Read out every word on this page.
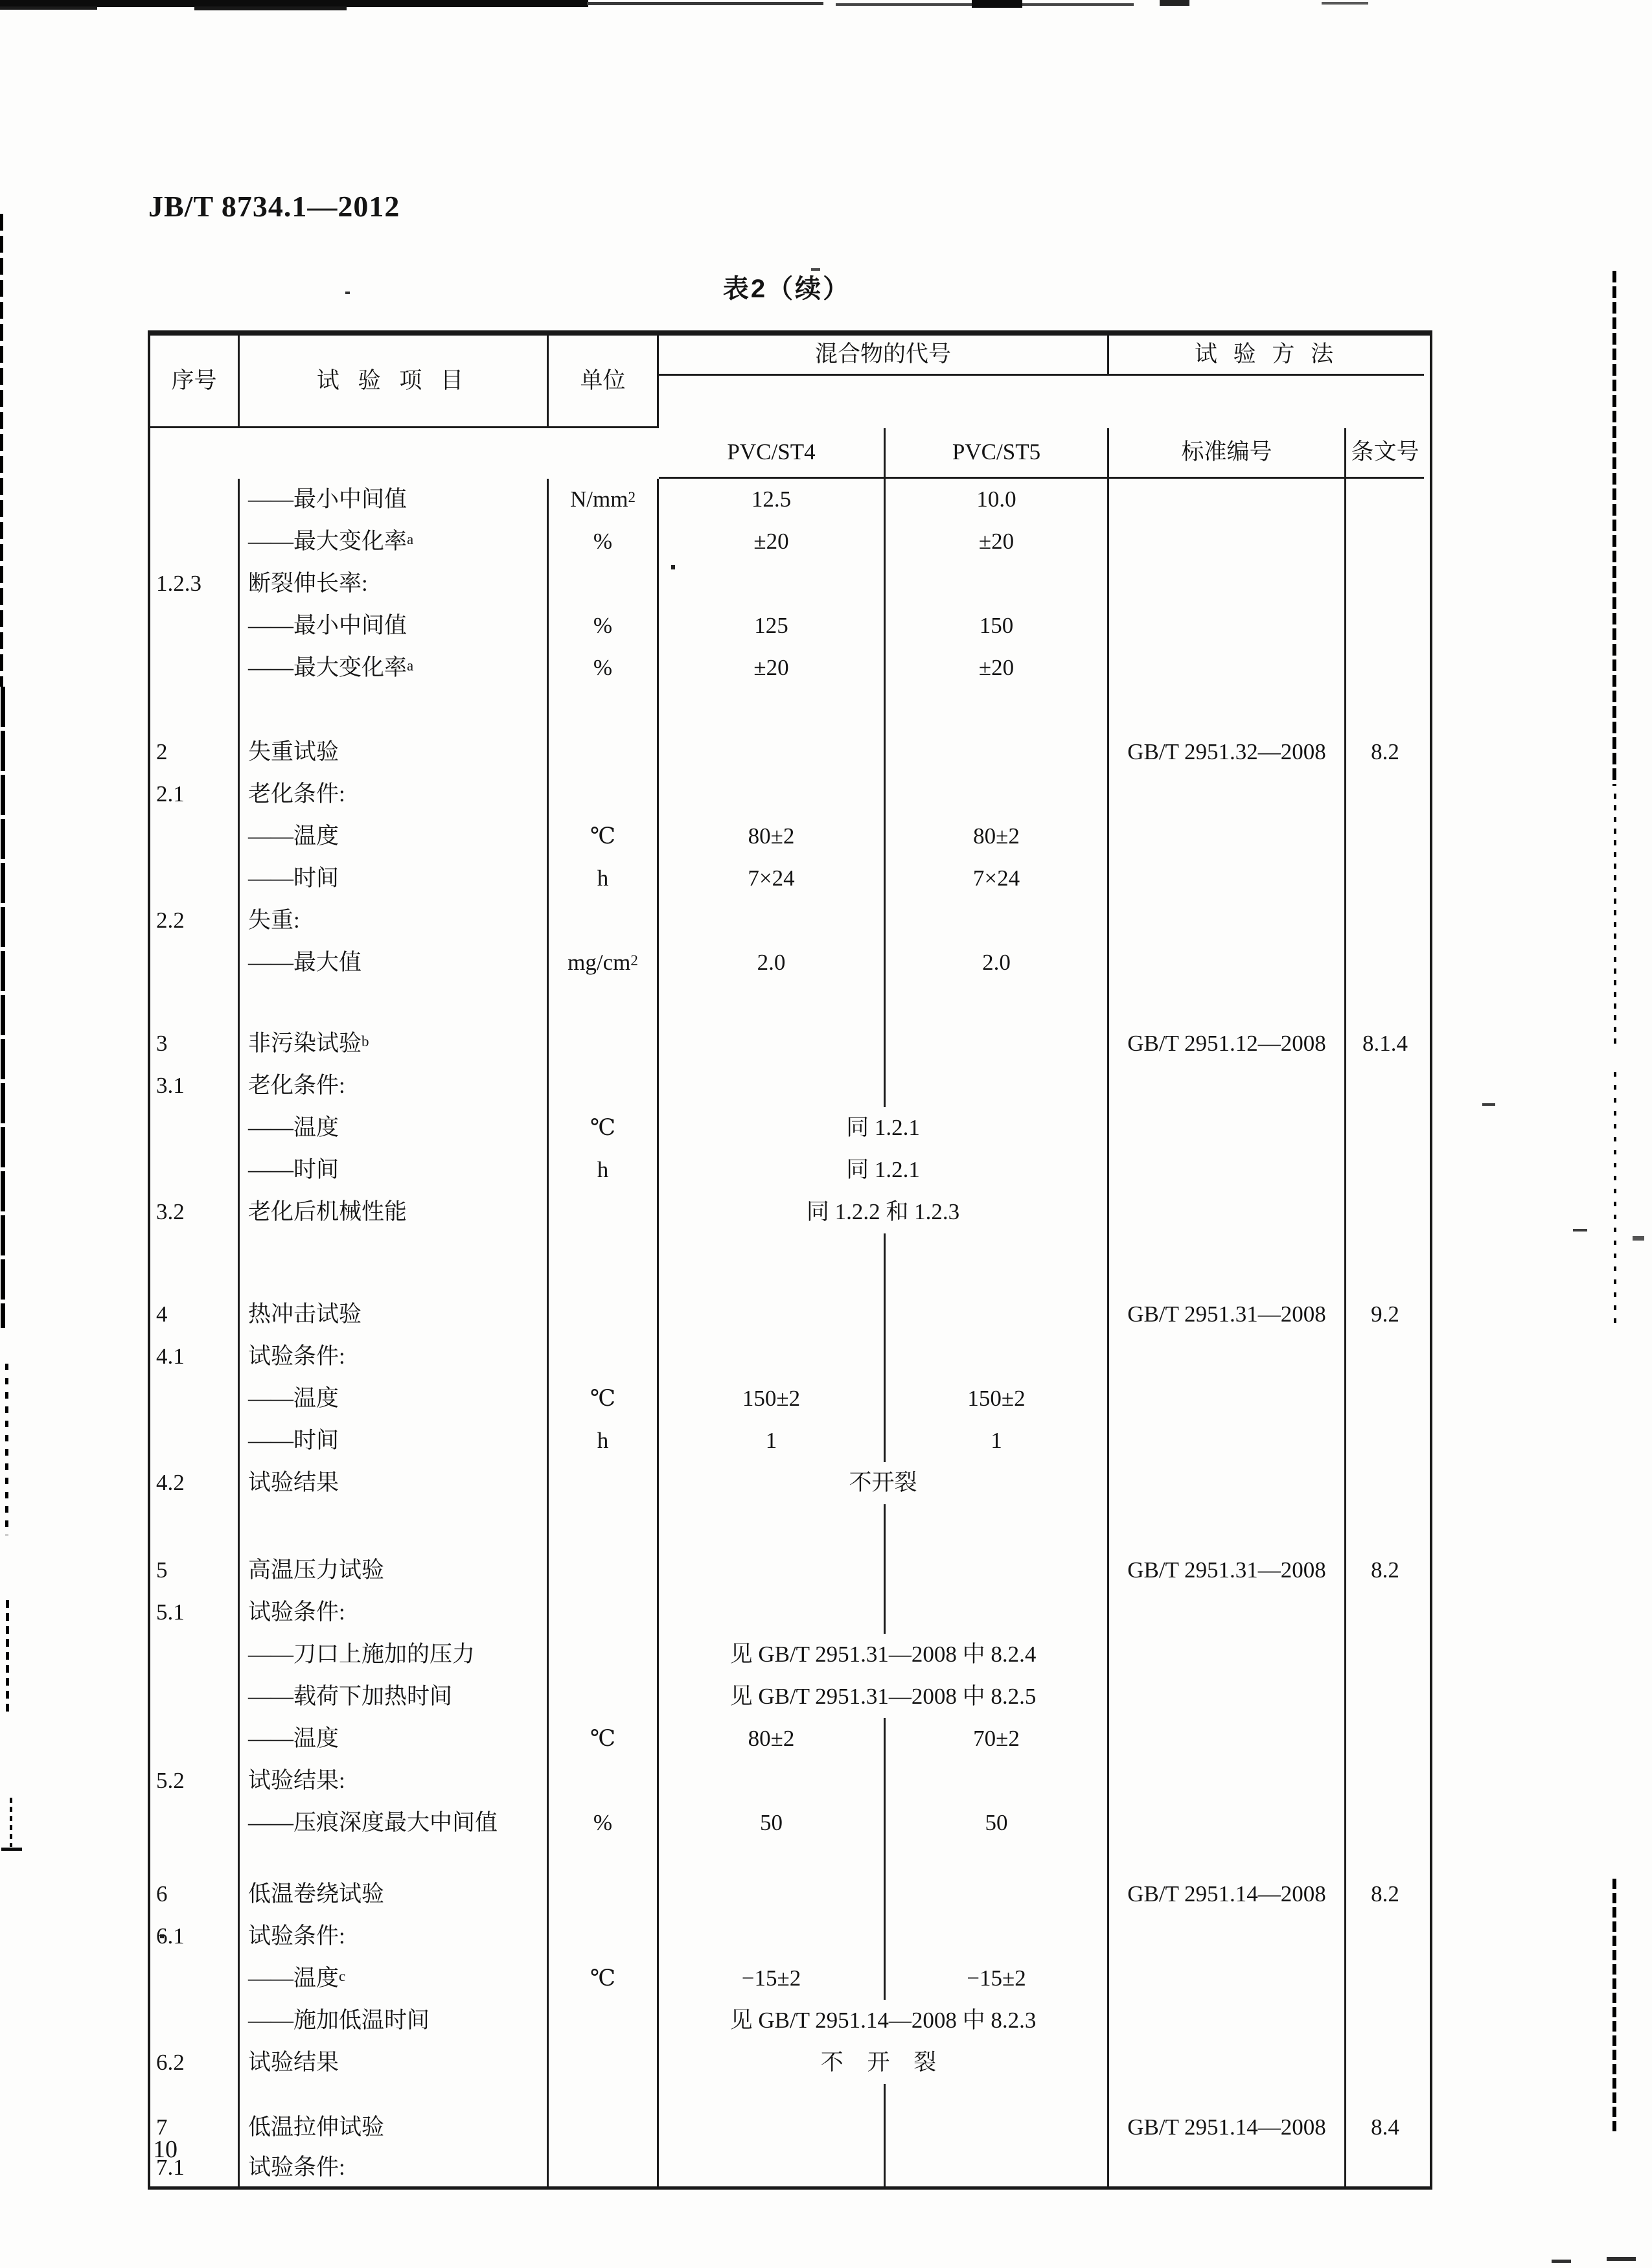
JB/T 8734.1—2012
表2（续）
序号	试 验 项 目	单位
混合物的代号	试 验 方 法
PVC/ST4	PVC/ST5	标准编号	条文号
——最小中间值	$N/mm^2$	12.5	10.0
——最大变化率 $^a$	%	±20	±20
1.2.3	断裂伸长率:
——最小中间值	%	125	150
——最大变化率 $^a$	%	±20	±20
2	失重试验	GB/T 2951.32—2008	8.2
2.1	老化条件:
——温度	℃	80±2	80±2
——时间	h	7×24	7×24
2.2	失重:
——最大值	$mg/cm^2$	2.0	2.0
3	非污染试验 $^b$	GB/T 2951.12—2008	8.1.4
3.1	老化条件:
——温度	℃	同 1.2.1
——时间	h	同 1.2.1
3.2	老化后机械性能	同 1.2.2 和 1.2.3
4	热冲击试验	GB/T 2951.31—2008	9.2
4.1	试验条件:
——温度	℃	150±2	150±2
——时间	h	1	1
4.2	试验结果	不开裂
5	高温压力试验	GB/T 2951.31—2008	8.2
5.1	试验条件:
——刀口上施加的压力	见 GB/T 2951.31—2008 中 8.2.4
——载荷下加热时间	见 GB/T 2951.31—2008 中 8.2.5
——温度	℃	80±2	70±2
5.2	试验结果:
——压痕深度最大中间值	%	50	50
6	低温卷绕试验	GB/T 2951.14—2008	8.2
6.1	试验条件:
——温度 $^c$	℃	−15±2	−15±2
——施加低温时间	见 GB/T 2951.14—2008 中 8.2.3
6.2	试验结果	不 开 裂
7	低温拉伸试验	GB/T 2951.14—2008	8.4
7.1	试验条件:
10
